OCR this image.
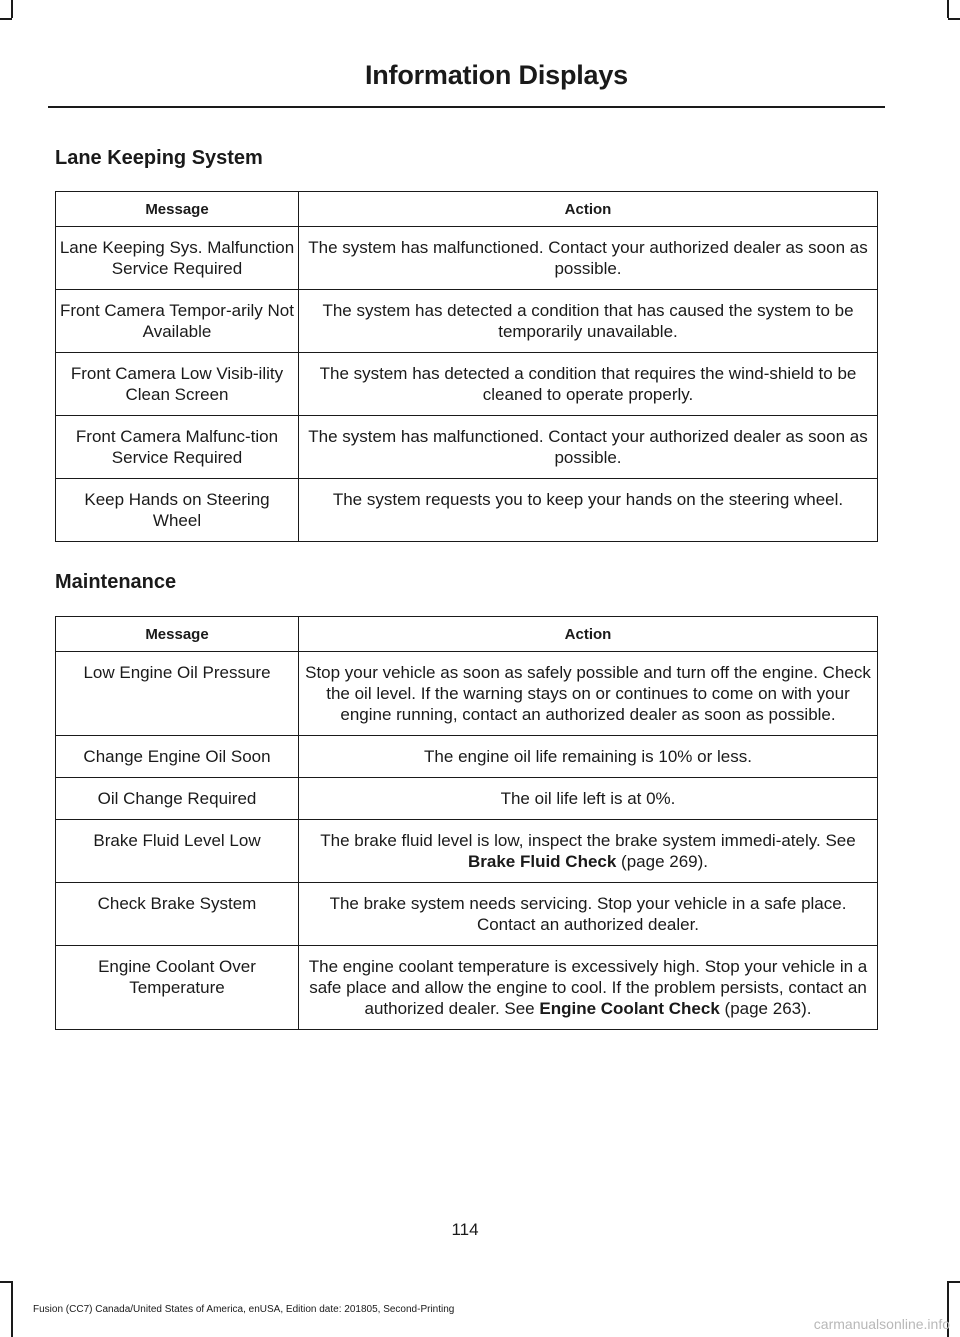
Information Displays
Lane Keeping System
Message	Action
Lane Keeping Sys. Malfunction Service Required	The system has malfunctioned. Contact your authorized dealer as soon as possible.
Front Camera Tempor-arily Not Available	The system has detected a condition that has caused the system to be temporarily unavailable.
Front Camera Low Visib-ility Clean Screen	The system has detected a condition that requires the wind-shield to be cleaned to operate properly.
Front Camera Malfunc-tion Service Required	The system has malfunctioned. Contact your authorized dealer as soon as possible.
Keep Hands on Steering Wheel	The system requests you to keep your hands on the steering wheel.
Maintenance
Message	Action
Low Engine Oil Pressure	Stop your vehicle as soon as safely possible and turn off the engine. Check the oil level. If the warning stays on or continues to come on with your engine running, contact an authorized dealer as soon as possible.
Change Engine Oil Soon	The engine oil life remaining is 10% or less.
Oil Change Required	The oil life left is at 0%.
Brake Fluid Level Low	The brake fluid level is low, inspect the brake system immedi-ately. See Brake Fluid Check (page 269).
Check Brake System	The brake system needs servicing. Stop your vehicle in a safe place. Contact an authorized dealer.
Engine Coolant Over Temperature	The engine coolant temperature is excessively high. Stop your vehicle in a safe place and allow the engine to cool. If the problem persists, contact an authorized dealer. See Engine Coolant Check (page 263).
114
Fusion (CC7) Canada/United States of America, enUSA, Edition date: 201805, Second-Printing
carmanualsonline.info
